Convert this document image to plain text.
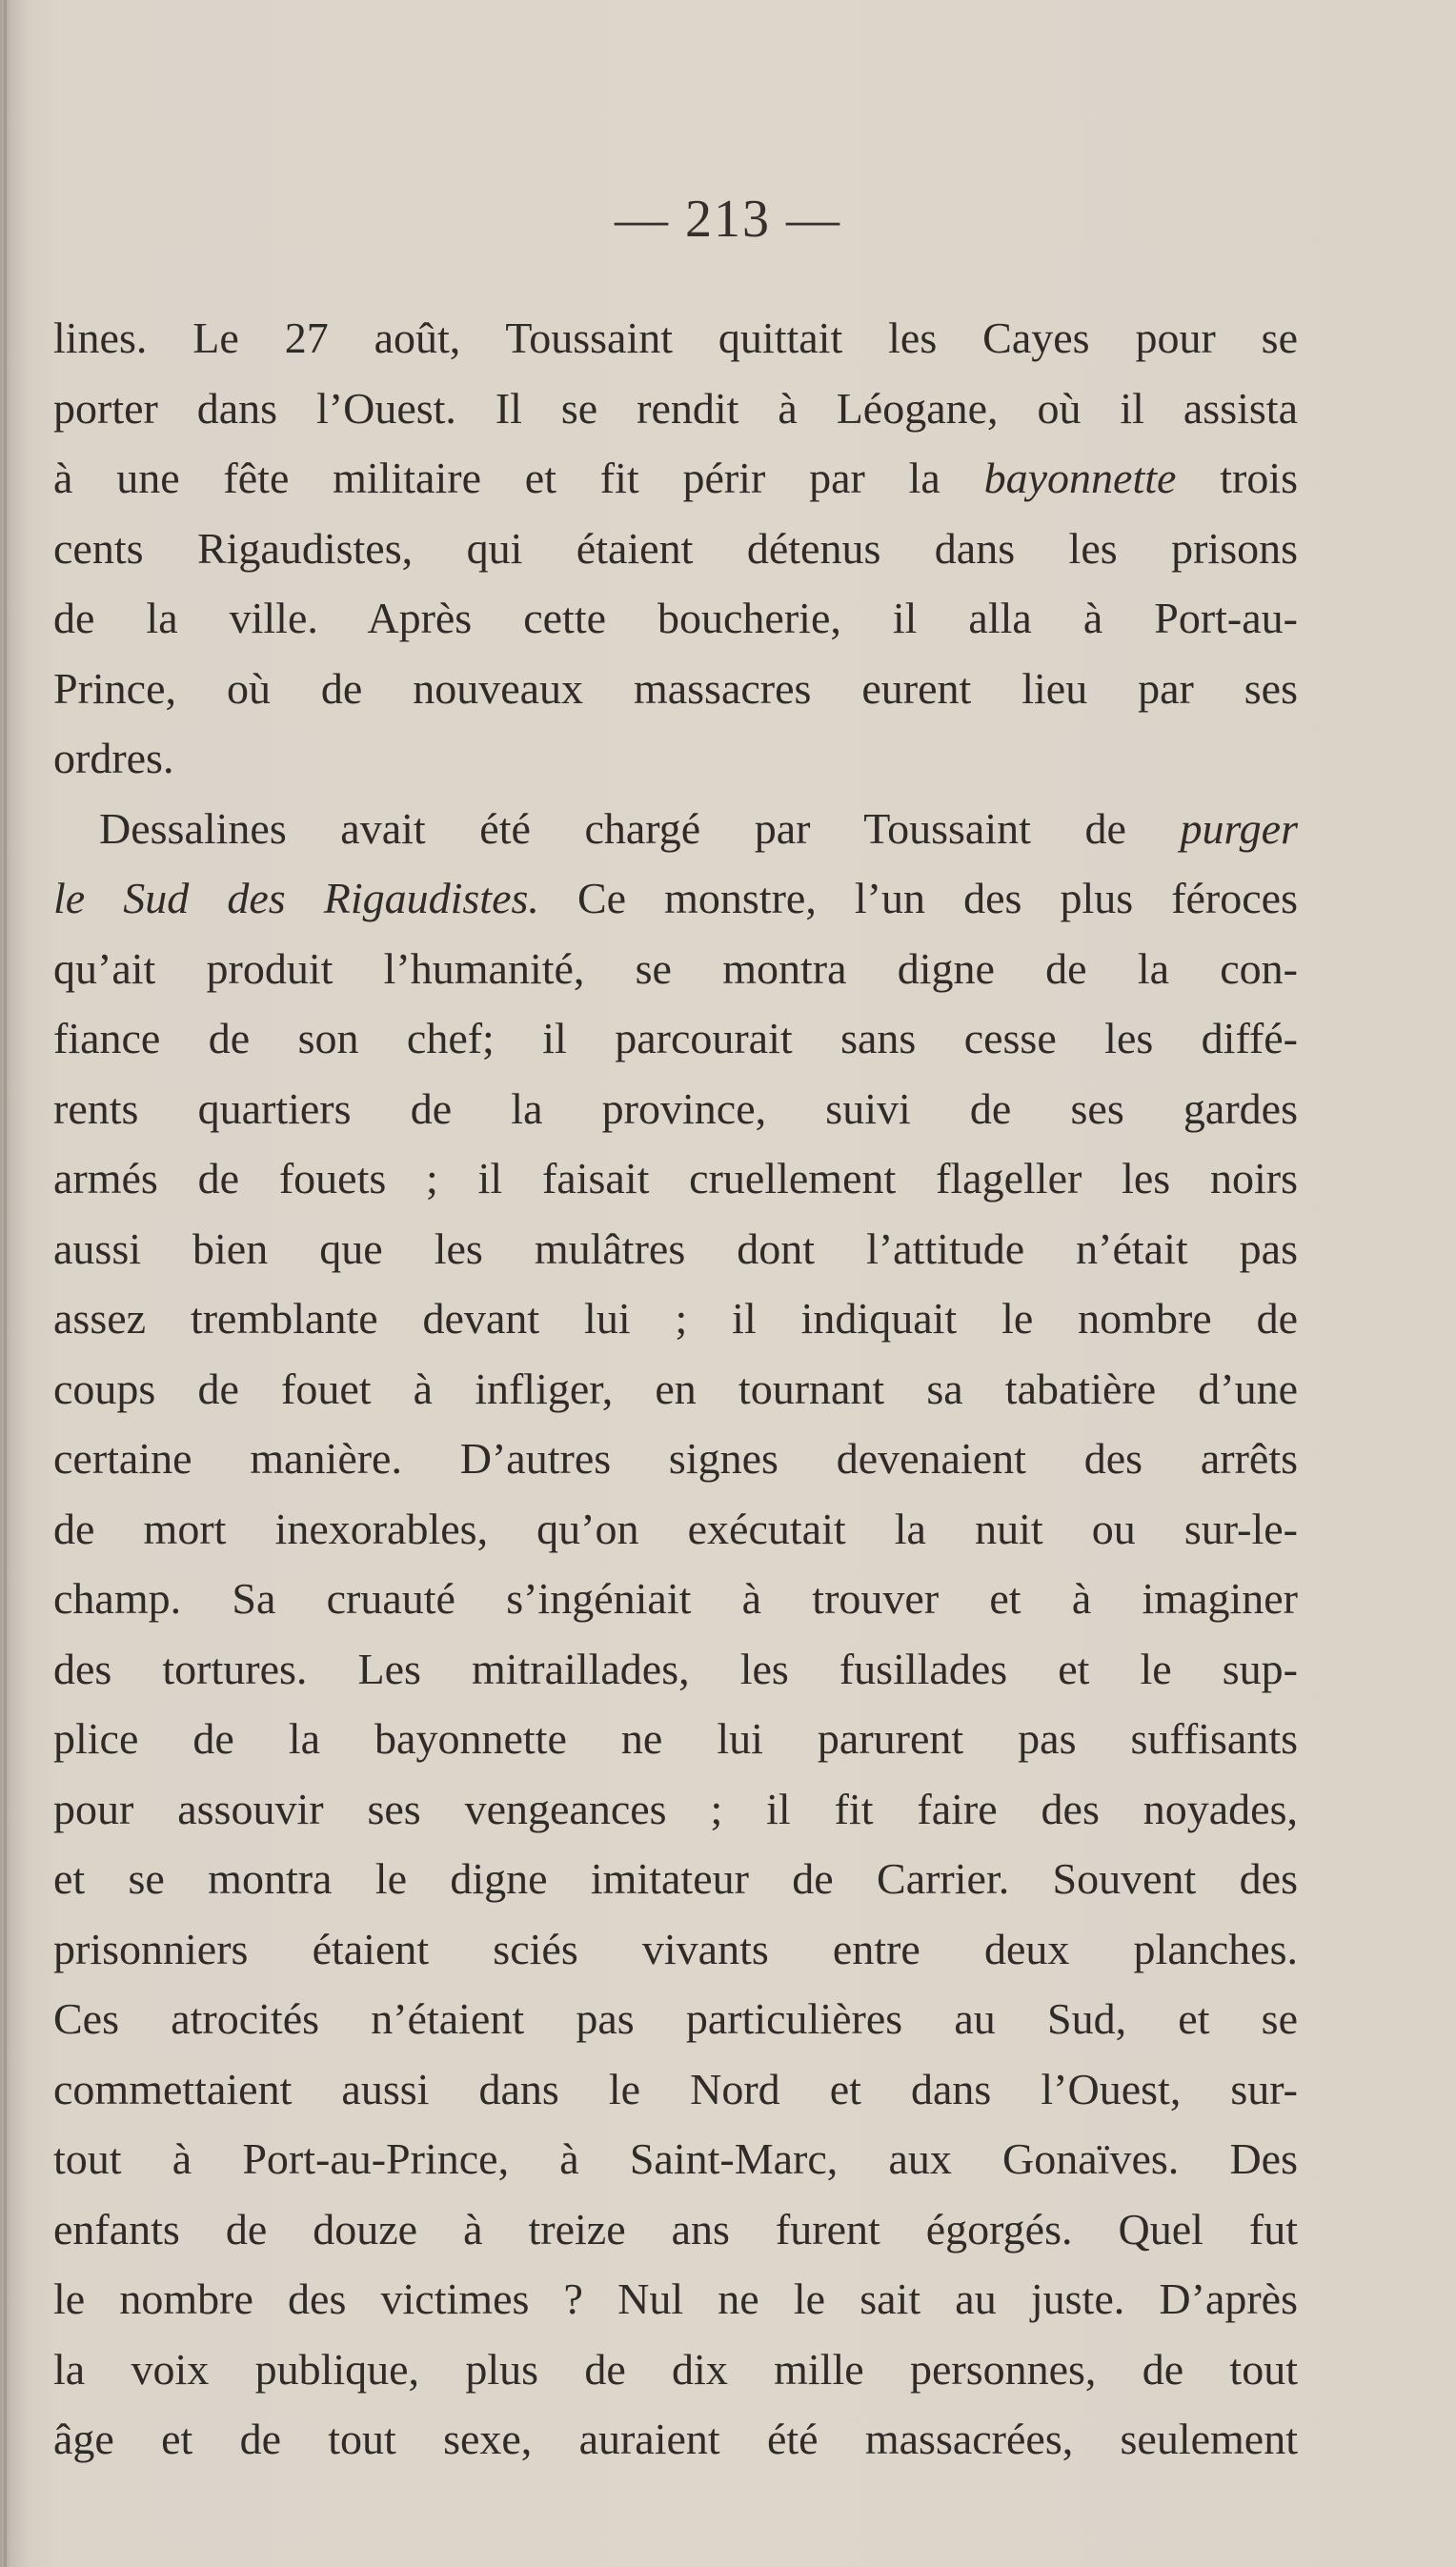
— 213 —
lines. Le 27 août, Toussaint quittait les Cayes pour se
porter dans l’Ouest. Il se rendit à Léogane, où il assista
à une fête militaire et fit périr par la bayonnette trois
cents Rigaudistes, qui étaient détenus dans les prisons
de la ville. Après cette boucherie, il alla à Port-au-
Prince, où de nouveaux massacres eurent lieu par ses
ordres.
Dessalines avait été chargé par Toussaint de purger
le Sud des Rigaudistes. Ce monstre, l’un des plus féroces
qu’ait produit l’humanité, se montra digne de la con-
fiance de son chef; il parcourait sans cesse les diffé-
rents quartiers de la province, suivi de ses gardes
armés de fouets ; il faisait cruellement flageller les noirs
aussi bien que les mulâtres dont l’attitude n’était pas
assez tremblante devant lui ; il indiquait le nombre de
coups de fouet à infliger, en tournant sa tabatière d’une
certaine manière. D’autres signes devenaient des arrêts
de mort inexorables, qu’on exécutait la nuit ou sur-le-
champ. Sa cruauté s’ingéniait à trouver et à imaginer
des tortures. Les mitraillades, les fusillades et le sup-
plice de la bayonnette ne lui parurent pas suffisants
pour assouvir ses vengeances ; il fit faire des noyades,
et se montra le digne imitateur de Carrier. Souvent des
prisonniers étaient sciés vivants entre deux planches.
Ces atrocités n’étaient pas particulières au Sud, et se
commettaient aussi dans le Nord et dans l’Ouest, sur-
tout à Port-au-Prince, à Saint-Marc, aux Gonaïves. Des
enfants de douze à treize ans furent égorgés. Quel fut
le nombre des victimes ? Nul ne le sait au juste. D’après
la voix publique, plus de dix mille personnes, de tout
âge et de tout sexe, auraient été massacrées, seulement
